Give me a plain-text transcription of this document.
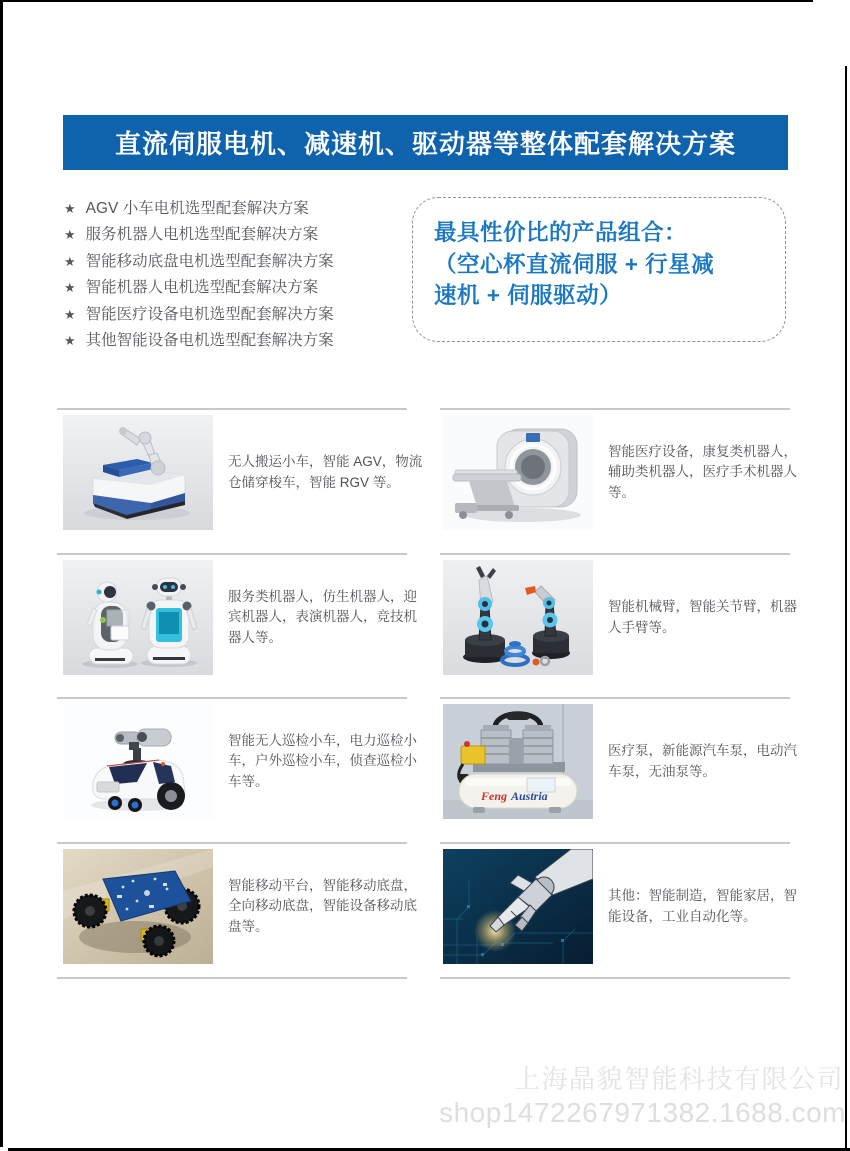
直流伺服电机、减速机、驱动器等整体配套解决方案
★ AGV 小车电机选型配套解决方案
★ 服务机器人电机选型配套解决方案
★ 智能移动底盘电机选型配套解决方案
★ 智能机器人电机选型配套解决方案
★ 智能医疗设备电机选型配套解决方案
★ 其他智能设备电机选型配套解决方案
最具性价比的产品组合：
（空心杯直流伺服 + 行星减
速机 + 伺服驱动）
无人搬运小车，智能 AGV，物流仓储穿梭车，智能 RGV 等。
智能医疗设备，康复类机器人，辅助类机器人，医疗手术机器人等。
服务类机器人，仿生机器人，迎宾机器人，表演机器人，竞技机器人等。
智能机械臂，智能关节臂，机器人手臂等。
智能无人巡检小车，电力巡检小车，户外巡检小车，侦查巡检小车等。
Feng Austria
医疗泵，新能源汽车泵，电动汽车泵，无油泵等。
智能移动平台，智能移动底盘，全向移动底盘，智能设备移动底盘等。
其他：智能制造，智能家居，智能设备，工业自动化等。
上海晶貌智能科技有限公司
shop1472267971382.1688.com
